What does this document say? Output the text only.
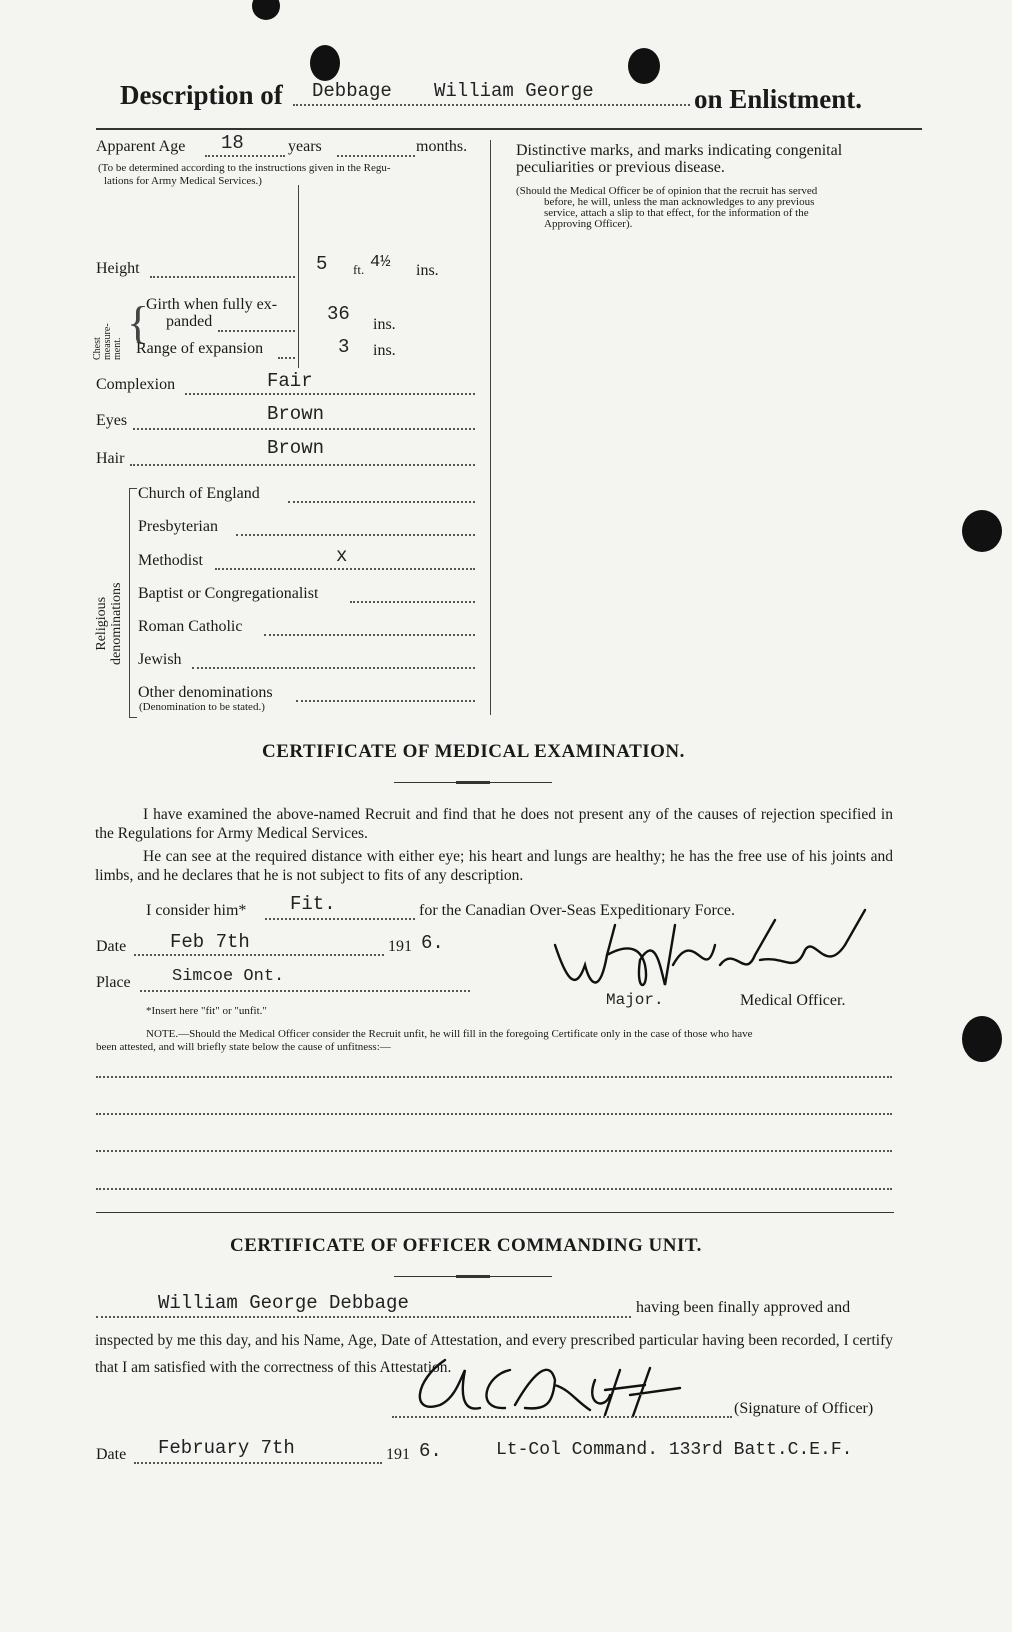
Description of Debbage William George	on Enlistment.
Apparent Age 18	years	months.
(To be determined according to the instructions given in the Regu-
lations for Army Medical Services.)
Distinctive marks, and marks indicating congenital
peculiarities or previous disease.
(Should the Medical Officer be of opinion that the recruit has served
before, he will, unless the man acknowledges to any previous
service, attach a slip to that effect, for the information of the
Approving Officer).
Height	5 ft. 4½ ins.
Chest measure- ment.
{
Girth when fully ex-
panded	36 ins.
Range of expansion	3 ins.
Complexion	Fair
Eyes	Brown
Hair	Brown
Religious denominations
Church of England
Presbyterian
Methodist	x
Baptist or Congregationalist
Roman Catholic
Jewish
Other denominations
(Denomination to be stated.)
CERTIFICATE OF MEDICAL EXAMINATION.
I have examined the above-named Recruit and find that he does not present any of the causes of rejection specified in the Regulations for Army Medical Services.
He can see at the required distance with either eye; his heart and lungs are healthy; he has the free use of his joints and limbs, and he declares that he is not subject to fits of any description.
I consider him* Fit.	for the Canadian Over-Seas Expeditionary Force.
Date Feb 7th	191 6.
Place Simcoe Ont.
*Insert here "fit" or "unfit."
Major.	Medical Officer.
NOTE.—Should the Medical Officer consider the Recruit unfit, he will fill in the foregoing Certificate only in the case of those who have
been attested, and will briefly state below the cause of unfitness:—
CERTIFICATE OF OFFICER COMMANDING UNIT.
William George Debbage	having been finally approved and
inspected by me this day, and his Name, Age, Date of Attestation, and every prescribed particular having been recorded, I certify that I am satisfied with the correctness of this Attestation.
(Signature of Officer)
Date February 7th	191 6.	Lt-Col Command. 133rd Batt.C.E.F.
